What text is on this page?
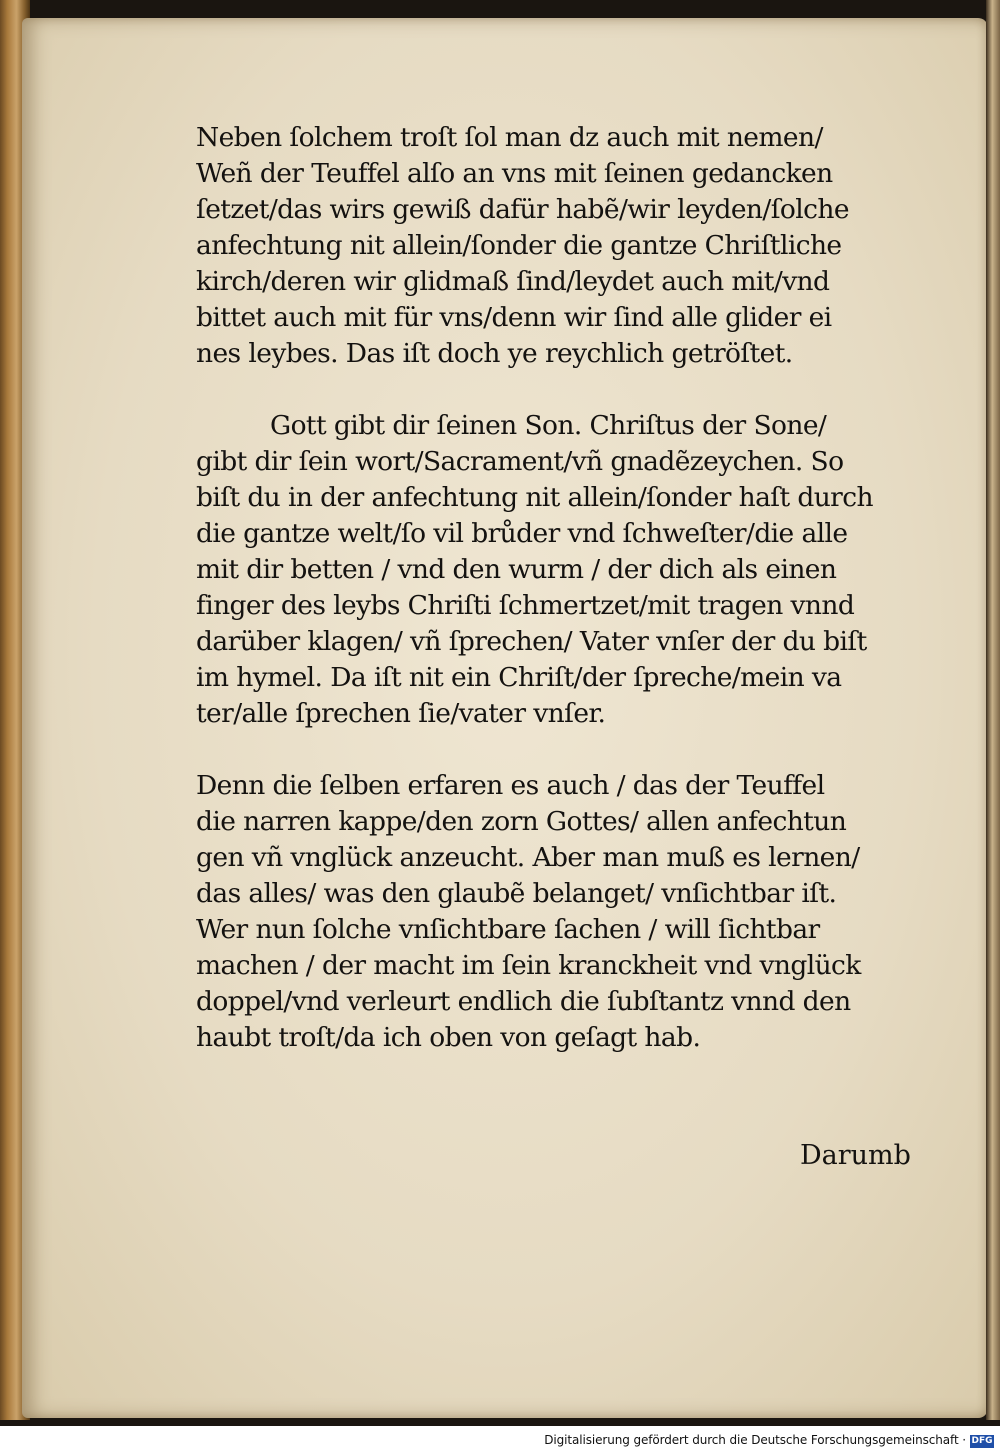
Neben ſolchem troſt ſol man dz auch mit nemen/
Weñ der Teuffel alſo an vns mit ſeinen gedancken
ſetzet/das wirs gewiß dafür habẽ/wir leyden/ſolche
anfechtung nit allein/ſonder die gantze Chriſtliche
kirch/deren wir glidmaß ſind/leydet auch mit/vnd
bittet auch mit für vns/denn wir ſind alle glider ei
nes leybes. Das iſt doch ye reychlich getröſtet.
Gott gibt dir ſeinen Son. Chriſtus der Sone/
gibt dir ſein wort/Sacrament/vñ gnadẽzeychen. So
biſt du in der anfechtung nit allein/ſonder haſt durch
die gantze welt/ſo vil brůder vnd ſchweſter/die alle
mit dir betten / vnd den wurm / der dich als einen
finger des leybs Chriſti ſchmertzet/mit tragen vnnd
darüber klagen/ vñ ſprechen/ Vater vnſer der du biſt
im hymel. Da iſt nit ein Chriſt/der ſpreche/mein va
ter/alle ſprechen ſie/vater vnſer.
Denn die ſelben erfaren es auch / das der Teuffel
die narren kappe/den zorn Gottes/ allen anfechtun
gen vñ vnglück anzeucht. Aber man muß es lernen/
das alles/ was den glaubẽ belanget/ vnſichtbar iſt.
Wer nun ſolche vnſichtbare ſachen / will ſichtbar
machen / der macht im ſein kranckheit vnd vnglück
doppel/vnd verleurt endlich die ſubſtantz vnnd den
haubt troſt/da ich oben von geſagt hab.
Darumb
Digitalisierung gefördert durch die Deutsche Forschungsgemeinschaft · DFG
